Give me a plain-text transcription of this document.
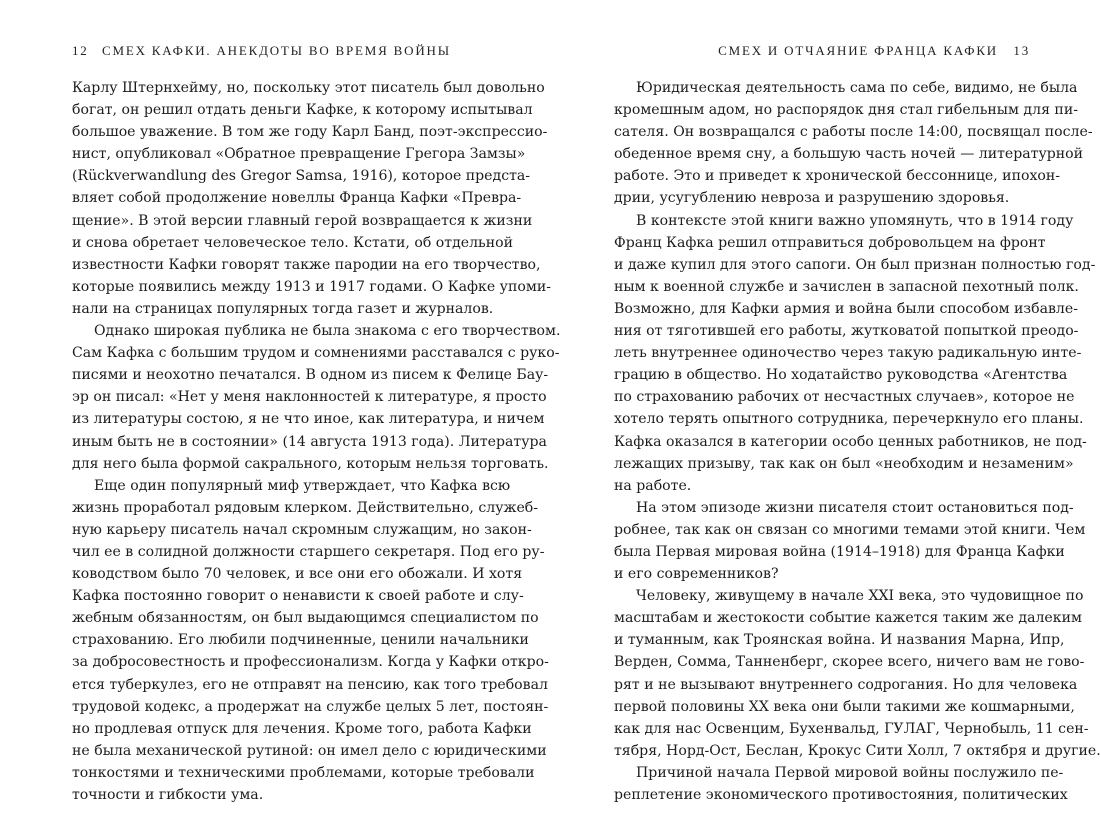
12 СМЕХ КАФКИ. АНЕКДОТЫ ВО ВРЕМЯ ВОЙНЫ
Карлу Штернхейму, но, поскольку этот писатель был довольно
богат, он решил отдать деньги Кафке, к которому испытывал
большое уважение. В том же году Карл Банд, поэт-экспрессио-
нист, опубликовал «Обратное превращение Грегора Замзы»
(Rückverwandlung des Gregor Samsa, 1916), которое предста-
вляет собой продолжение новеллы Франца Кафки «Превра-
щение». В этой версии главный герой возвращается к жизни
и снова обретает человеческое тело. Кстати, об отдельной
известности Кафки говорят также пародии на его творчество,
которые появились между 1913 и 1917 годами. О Кафке упоми-
нали на страницах популярных тогда газет и журналов.
Однако широкая публика не была знакома с его творчеством.
Сам Кафка с большим трудом и сомнениями расставался с руко-
писями и неохотно печатался. В одном из писем к Фелице Бау-
эр он писал: «Нет у меня наклонностей к литературе, я просто
из литературы состою, я не что иное, как литература, и ничем
иным быть не в состоянии» (14 августа 1913 года). Литература
для него была формой сакрального, которым нельзя торговать.
Еще один популярный миф утверждает, что Кафка всю
жизнь проработал рядовым клерком. Действительно, служеб-
ную карьеру писатель начал скромным служащим, но закон-
чил ее в солидной должности старшего секретаря. Под его ру-
ководством было 70 человек, и все они его обожали. И хотя
Кафка постоянно говорит о ненависти к своей работе и слу-
жебным обязанностям, он был выдающимся специалистом по
страхованию. Его любили подчиненные, ценили начальники
за добросовестность и профессионализм. Когда у Кафки откро-
ется туберкулез, его не отправят на пенсию, как того требовал
трудовой кодекс, а продержат на службе целых 5 лет, постоян-
но продлевая отпуск для лечения. Кроме того, работа Кафки
не была механической рутиной: он имел дело с юридическими
тонкостями и техническими проблемами, которые требовали
точности и гибкости ума.
СМЕХ И ОТЧАЯНИЕ ФРАНЦА КАФКИ 13
Юридическая деятельность сама по себе, видимо, не была
кромешным адом, но распорядок дня стал гибельным для пи-
сателя. Он возвращался с работы после 14:00, посвящал после-
обеденное время сну, а большую часть ночей — литературной
работе. Это и приведет к хронической бессоннице, ипохон-
дрии, усугублению невроза и разрушению здоровья.
В контексте этой книги важно упомянуть, что в 1914 году
Франц Кафка решил отправиться добровольцем на фронт
и даже купил для этого сапоги. Он был признан полностью год-
ным к военной службе и зачислен в запасной пехотный полк.
Возможно, для Кафки армия и война были способом избавле-
ния от тяготившей его работы, жутковатой попыткой преодо-
леть внутреннее одиночество через такую радикальную инте-
грацию в общество. Но ходатайство руководства «Агентства
по страхованию рабочих от несчастных случаев», которое не
хотело терять опытного сотрудника, перечеркнуло его планы.
Кафка оказался в категории особо ценных работников, не под-
лежащих призыву, так как он был «необходим и незаменим»
на работе.
На этом эпизоде жизни писателя стоит остановиться под-
робнее, так как он связан со многими темами этой книги. Чем
была Первая мировая война (1914–1918) для Франца Кафки
и его современников?
Человеку, живущему в начале XXI века, это чудовищное по
масштабам и жестокости событие кажется таким же далеким
и туманным, как Троянская война. И названия Марна, Ипр,
Верден, Сомма, Танненберг, скорее всего, ничего вам не гово-
рят и не вызывают внутреннего содрогания. Но для человека
первой половины XX века они были такими же кошмарными,
как для нас Освенцим, Бухенвальд, ГУЛАГ, Чернобыль, 11 сен-
тября, Норд-Ост, Беслан, Крокус Сити Холл, 7 октября и другие.
Причиной начала Первой мировой войны послужило пе-
реплетение экономического противостояния, политических
